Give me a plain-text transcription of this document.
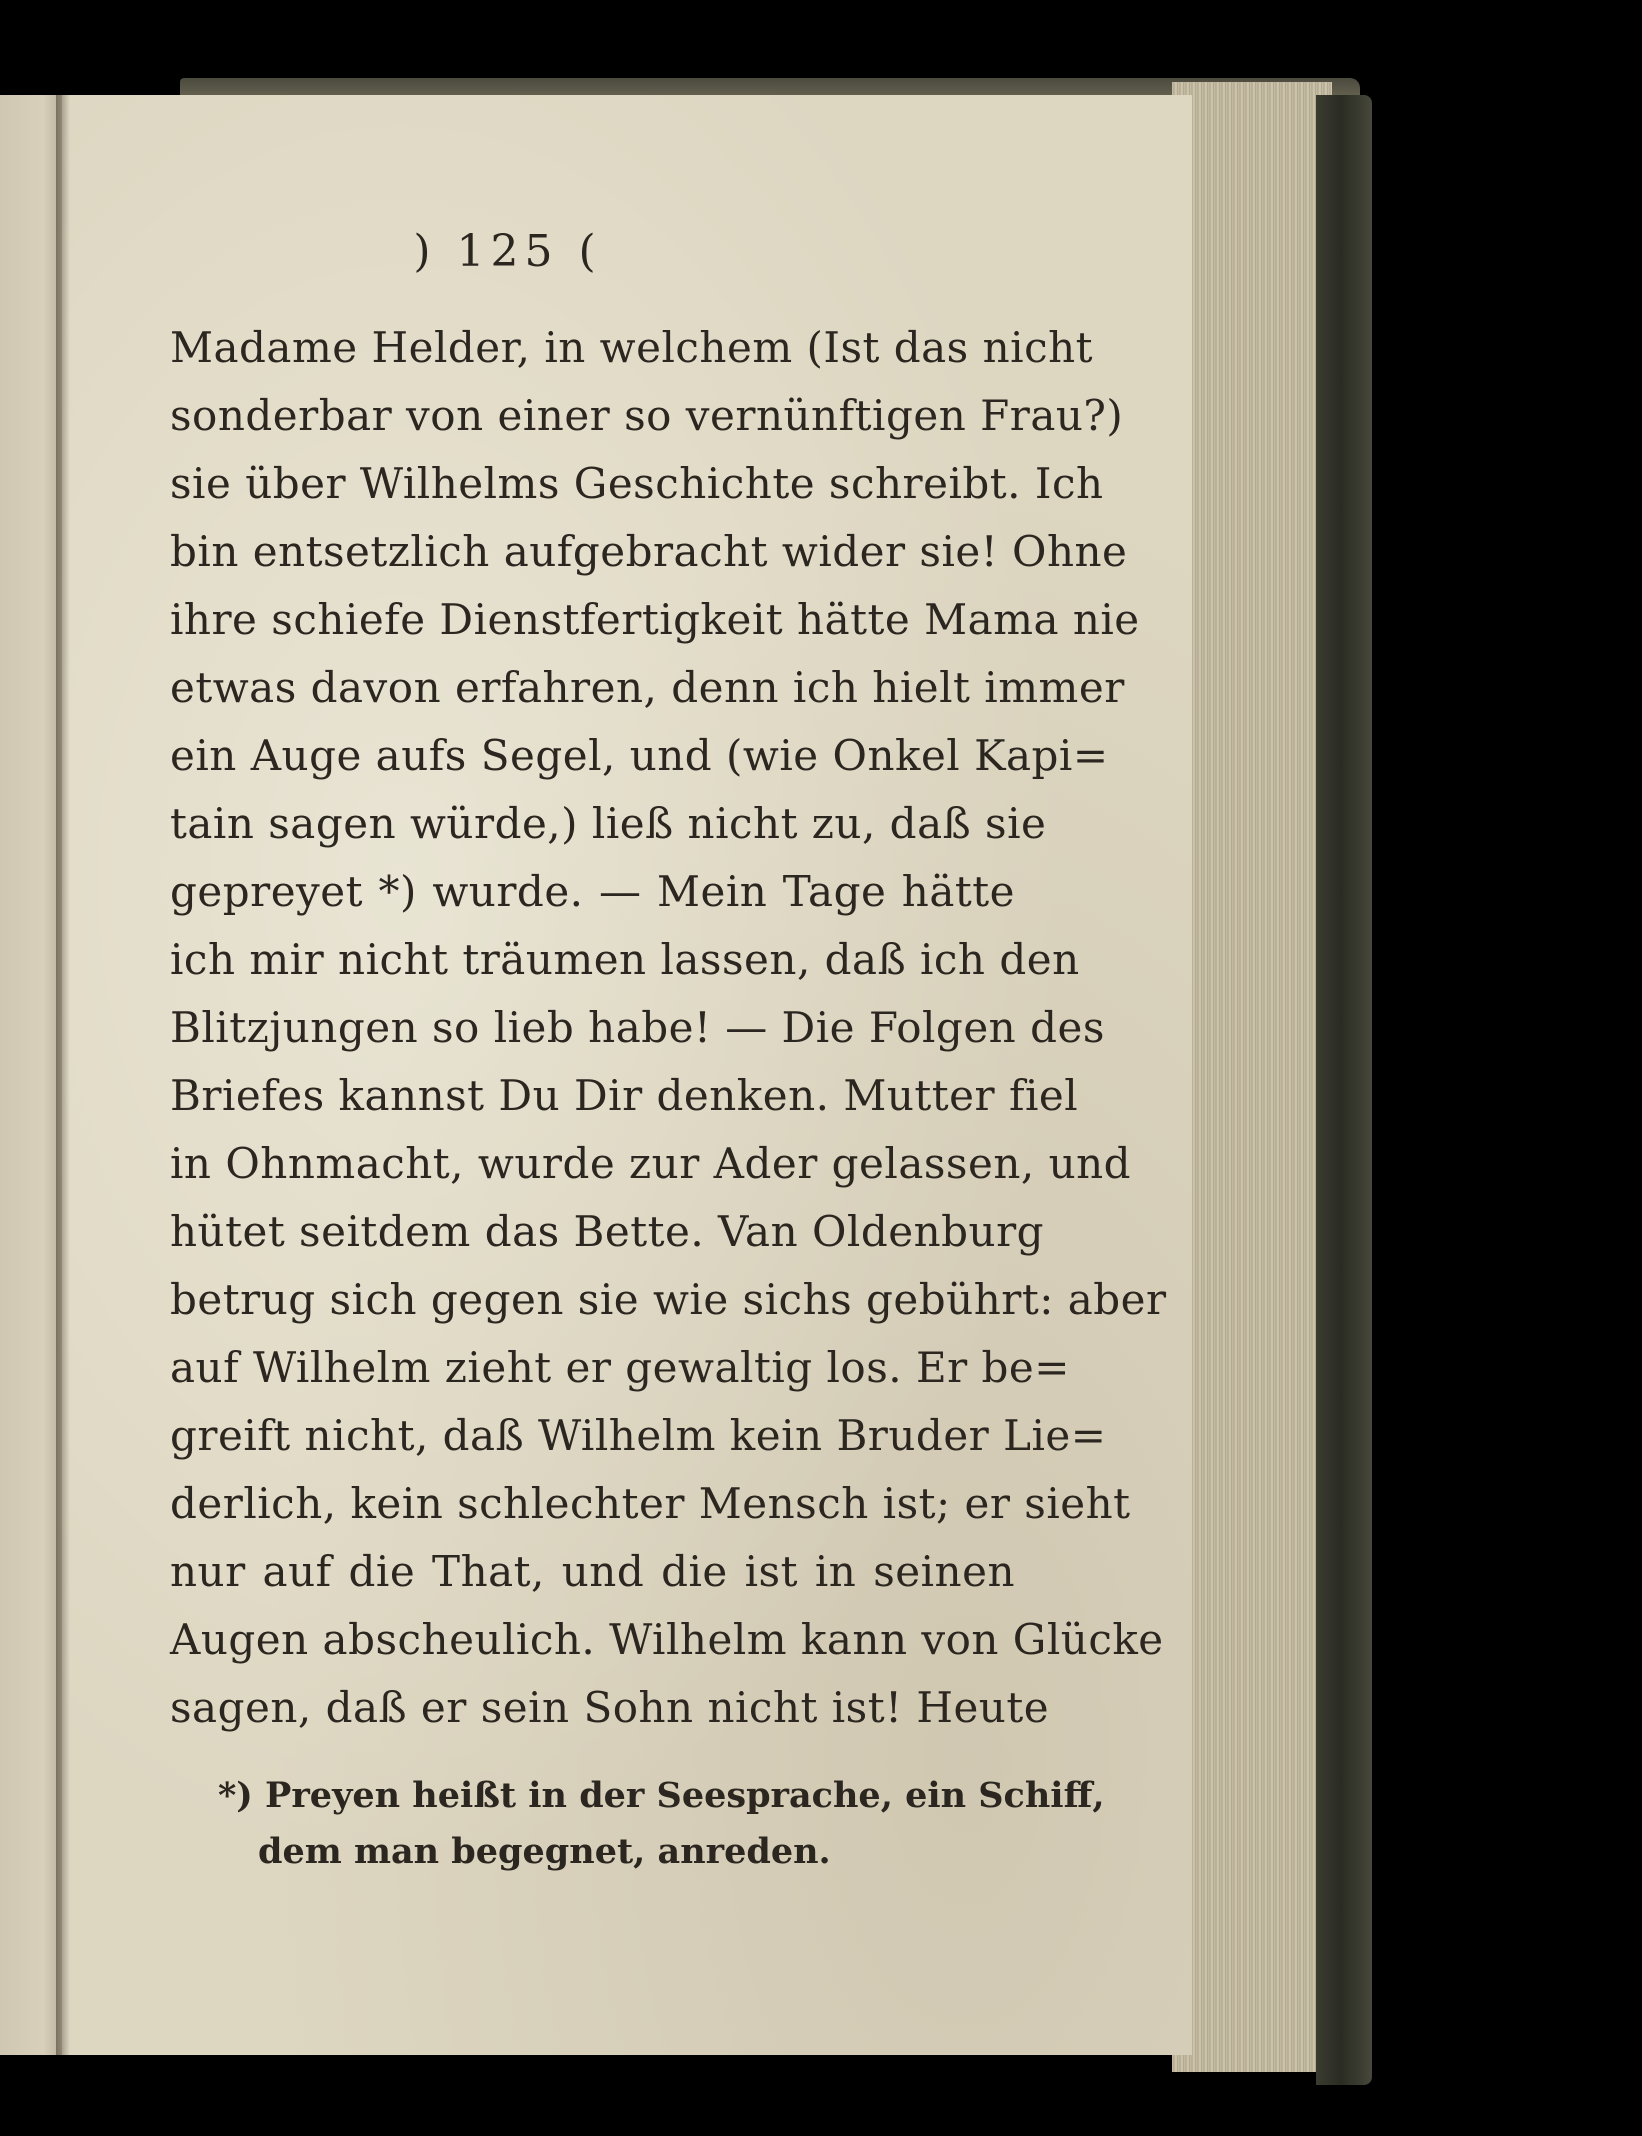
) 125 (
Madame Helder, in welchem (Ist das nicht
sonderbar von einer so vernünftigen Frau?)
sie über Wilhelms Geschichte schreibt. Ich
bin entsetzlich aufgebracht wider sie! Ohne
ihre schiefe Dienstfertigkeit hätte Mama nie
etwas davon erfahren, denn ich hielt immer
ein Auge aufs Segel, und (wie Onkel Kapi=
tain sagen würde,) ließ nicht zu, daß sie
gepreyet *) wurde. — Mein Tage hätte
ich mir nicht träumen lassen, daß ich den
Blitzjungen so lieb habe! — Die Folgen des
Briefes kannst Du Dir denken. Mutter fiel
in Ohnmacht, wurde zur Ader gelassen, und
hütet seitdem das Bette. Van Oldenburg
betrug sich gegen sie wie sichs gebührt: aber
auf Wilhelm zieht er gewaltig los. Er be=
greift nicht, daß Wilhelm kein Bruder Lie=
derlich, kein schlechter Mensch ist; er sieht
nur auf die That, und die ist in seinen
Augen abscheulich. Wilhelm kann von Glücke
sagen, daß er sein Sohn nicht ist! Heute
*) Preyen heißt in der Seesprache, ein Schiff,
dem man begegnet, anreden.
